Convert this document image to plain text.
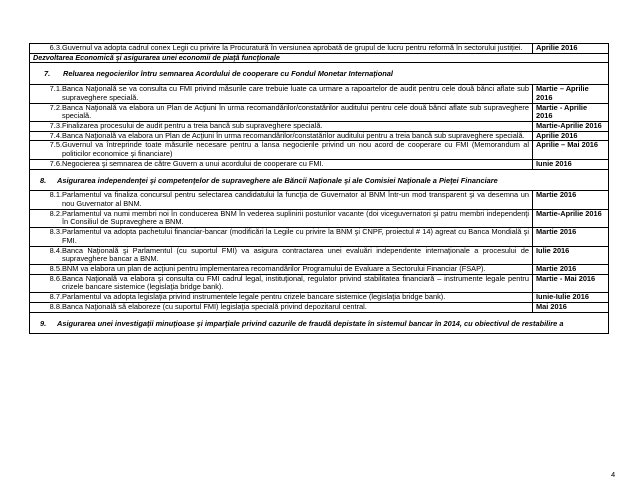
6.3. Guvernul va adopta cadrul conex Legii cu privire la Procuratură în versiunea aprobată de grupul de lucru pentru reformă în sectorului justiției.	Aprilie 2016
Dezvoltarea Economică şi asigurarea unei economii de piaţă funcţionale	
7. Reluarea negocierilor întru semnarea Acordului de cooperare cu Fondul Monetar Internaţional	
7.1. Banca Naţională se va consulta cu FMI privind măsurile care trebuie luate ca urmare a rapoartelor de audit pentru cele două bănci aflate sub supraveghere specială.	Martie – Aprilie 2016
7.2. Banca Naţională va elabora un Plan de Acţiuni în urma recomandărilor/constatărilor auditului pentru cele două bănci aflate sub supraveghere specială.	Martie - Aprilie 2016
7.3. Finalizarea procesului de audit pentru a treia bancă sub supraveghere specială.	Martie-Aprilie 2016
7.4. Banca Naţională va elabora un Plan de Acţiuni în urma recomandărilor/constatărilor auditului pentru a treia bancă sub supraveghere specială.	Aprilie 2016
7.5. Guvernul va întreprinde toate măsurile necesare pentru a lansa negocierile privind un nou acord de cooperare cu FMI (Memorandum al politicilor economice şi financiare)	Aprilie – Mai 2016
7.6. Negocierea şi semnarea de către Guvern a unui acordului de cooperare cu FMI.	Iunie 2016
8. Asigurarea independenţei şi competenţelor de supraveghere ale Băncii Naţionale şi ale Comisiei Naţionale a Pieţei Financiare	
8.1. Parlamentul va finaliza concursul pentru selectarea candidatului la funcţia de Guvernator al BNM într-un mod transparent şi va desemna un nou Guvernator al BNM.	Martie 2016
8.2. Parlamentul va numi membri noi în conducerea BNM în vederea suplinirii posturilor vacante (doi viceguvernatori şi patru membri independenţi în Consiliul de Supraveghere a BNM.	Martie-Aprilie 2016
8.3. Parlamentul va adopta pachetului financiar-bancar (modificări la Legile cu privire la BNM şi CNPF, proiectul # 14) agreat cu Banca Mondială şi FMI.	Martie 2016
8.4. Banca Naţională şi Parlamentul (cu suportul FMI) va asigura contractarea unei evaluări independente internaţionale a procesului de supraveghere bancar a BNM.	Iulie 2016
8.5. BNM va elabora un plan de acţiuni pentru implementarea recomandărilor Programului de Evaluare a Sectorului Financiar (FSAP).	Martie 2016
8.6. Banca Naţională va elabora şi consulta cu FMI cadrul legal, instituţional, regulator privind stabilitatea financiară – instrumente legale pentru crizele bancare sistemice (legislaţia bridge bank).	Martie - Mai 2016
8.7. Parlamentul va adopta legislaţia privind instrumentele legale pentru crizele bancare sistemice (legislaţia bridge bank).	Iunie-Iulie 2016
8.8. Banca Naţională să elaboreze (cu suportul FMI) legislaţia specială privind depozitarul central.	Mai 2016
9. Asigurarea unei investigaţii minuţioase şi imparţiale privind cazurile de fraudă depistate în sistemul bancar în 2014, cu obiectivul de restabilire a	
4
